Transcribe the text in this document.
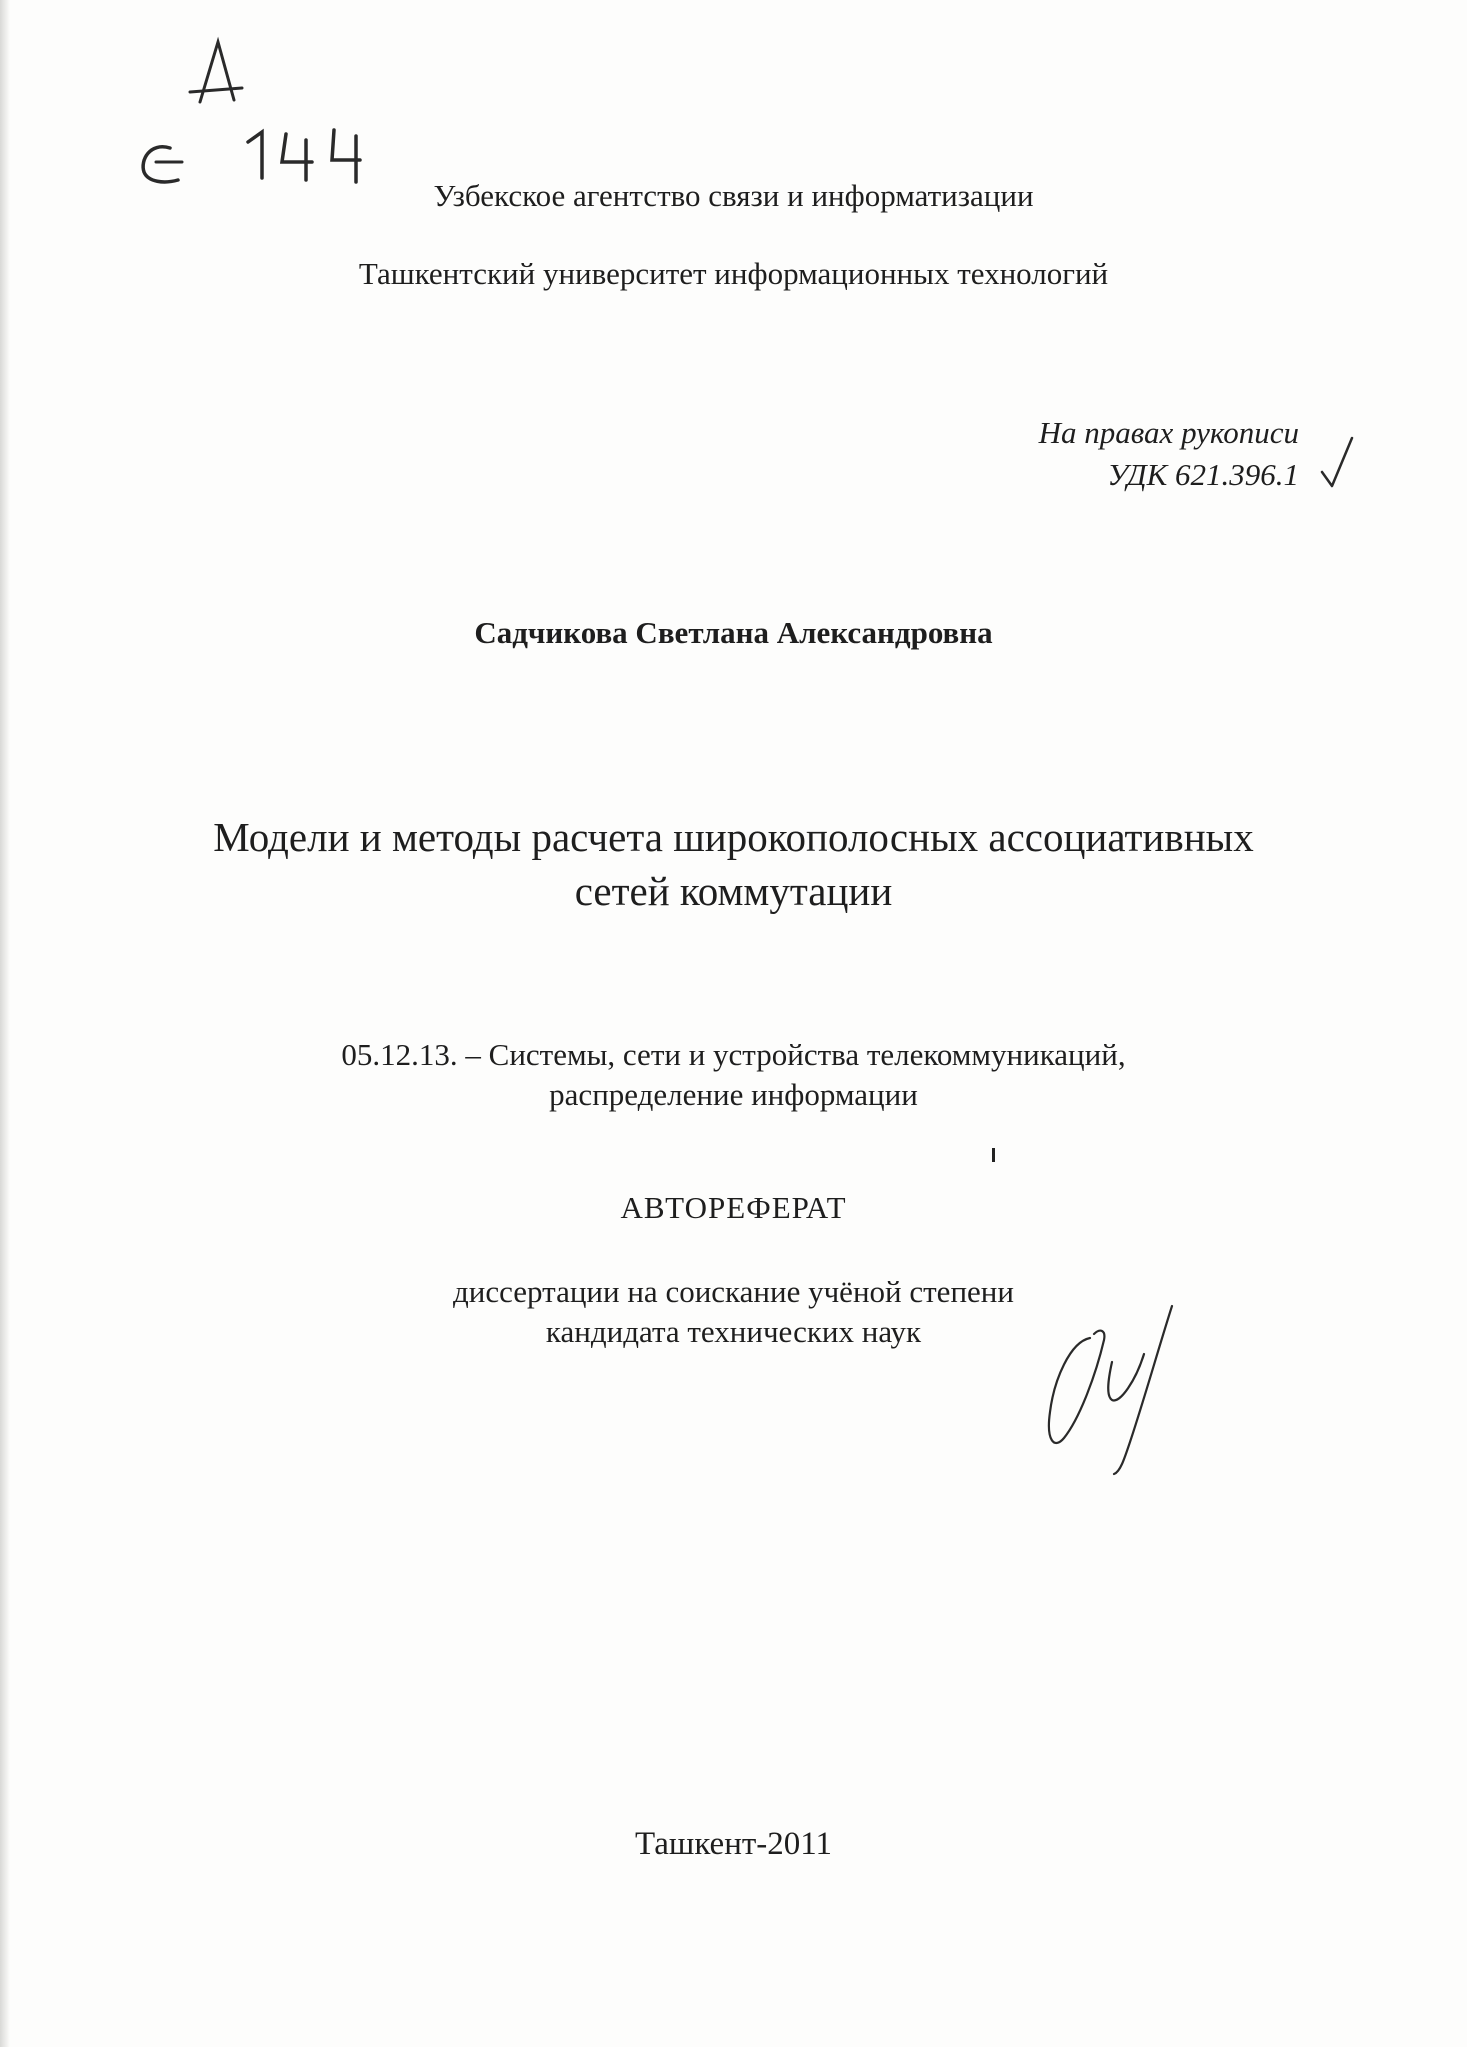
Узбекское агентство связи и информатизации
Ташкентский университет информационных технологий
На правах рукописи
УДК 621.396.1
Садчикова Светлана Александровна
Модели и методы расчета широкополосных ассоциативных
сетей коммутации
05.12.13. – Системы, сети и устройства телекоммуникаций,
распределение информации
АВТОРЕФЕРАТ
диссертации на соискание учёной степени
кандидата технических наук
Ташкент-2011
